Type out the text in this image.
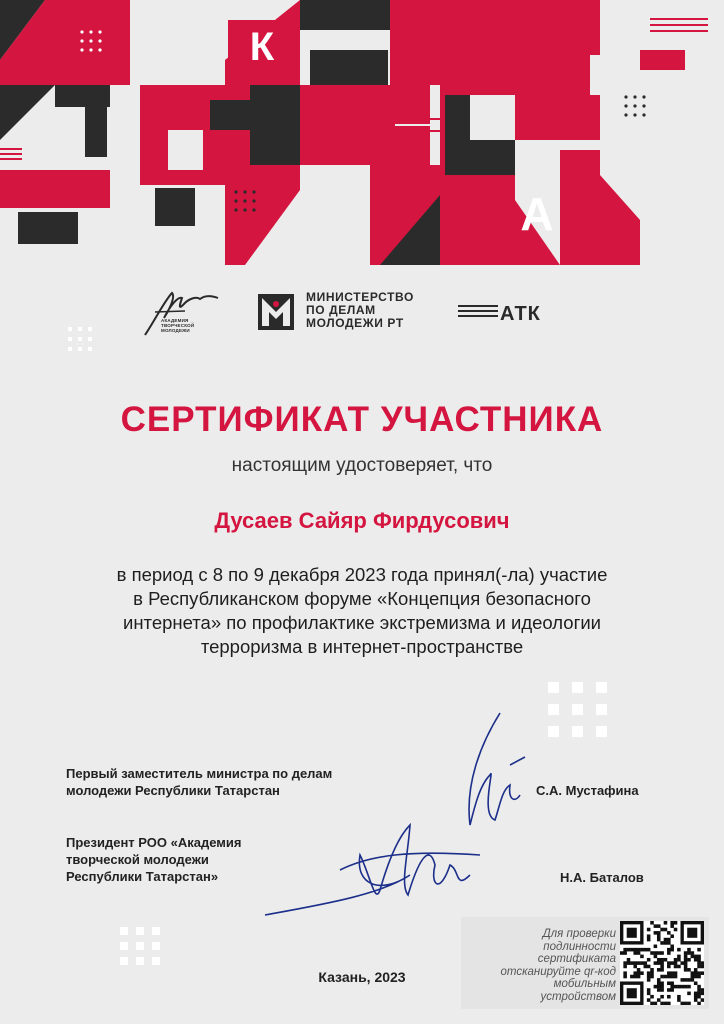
К
А
АТК
АКАДЕМИЯ ТВОРЧЕСКОЙ МОЛОДЕЖИ
МИНИСТЕРСТВО
ПО ДЕЛАМ
МОЛОДЕЖИ РТ
СЕРТИФИКАТ УЧАСТНИКА
настоящим удостоверяет, что
Дусаев Сайяр Фирдусович
в период с 8 по 9 декабря 2023 года принял(-ла) участие
в Республиканском форуме «Концепция безопасного
интернета» по профилактике экстремизма и идеологии
терроризма в интернет-пространстве
Первый заместитель министра по делам
молодежи Республики Татарстан	С.А. Мустафина
Президент РОО «Академия
творческой молодежи
Республики Татарстан»	Н.А. Баталов
Казань, 2023
Для проверки
подлинности
сертификата
отсканируйте qr-код
мобильным
устройством
